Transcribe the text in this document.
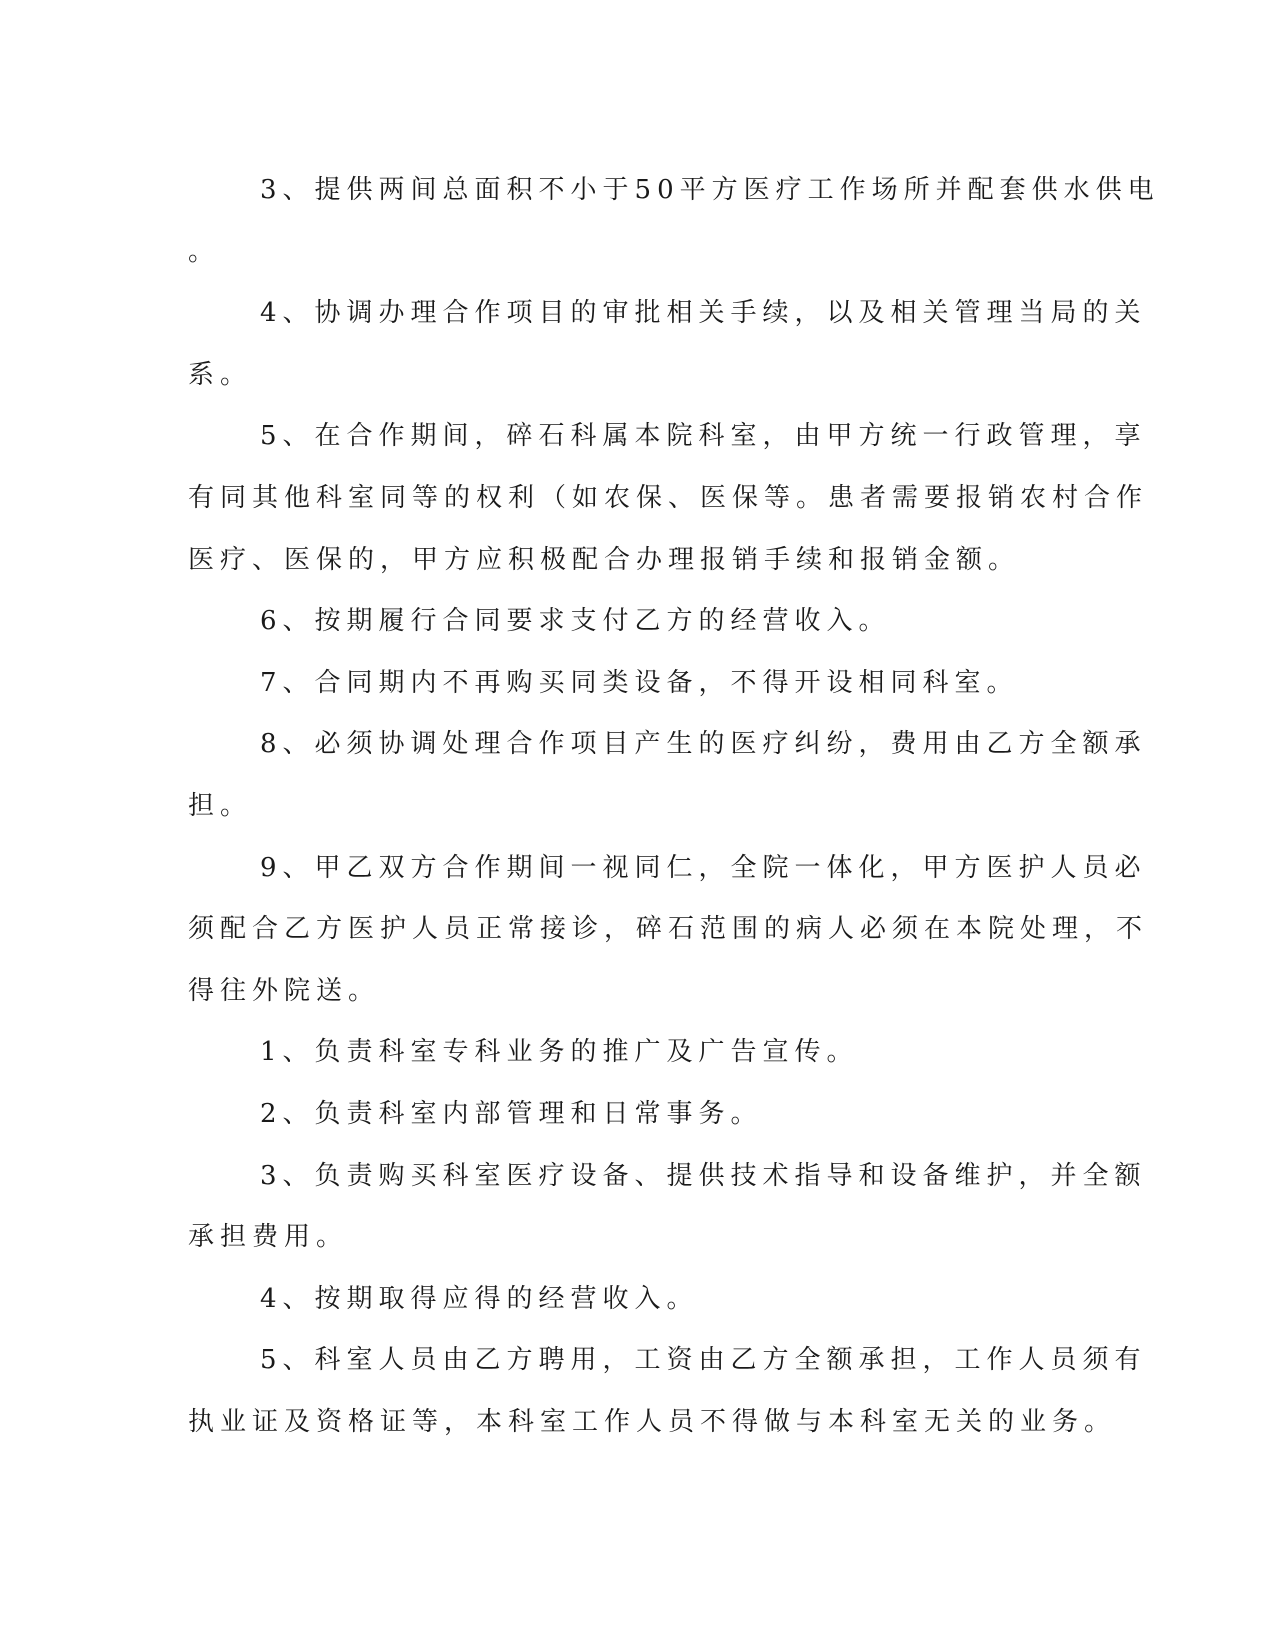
3、提供两间总面积不小于50平方医疗工作场所并配套供水供电
。
4、协调办理合作项目的审批相关手续，以及相关管理当局的关
系。
5、在合作期间，碎石科属本院科室，由甲方统一行政管理，享
有同其他科室同等的权利（如农保、医保等。患者需要报销农村合作
医疗、医保的，甲方应积极配合办理报销手续和报销金额。
6、按期履行合同要求支付乙方的经营收入。
7、合同期内不再购买同类设备，不得开设相同科室。
8、必须协调处理合作项目产生的医疗纠纷，费用由乙方全额承
担。
9、甲乙双方合作期间一视同仁，全院一体化，甲方医护人员必
须配合乙方医护人员正常接诊，碎石范围的病人必须在本院处理，不
得往外院送。
1、负责科室专科业务的推广及广告宣传。
2、负责科室内部管理和日常事务。
3、负责购买科室医疗设备、提供技术指导和设备维护，并全额
承担费用。
4、按期取得应得的经营收入。
5、科室人员由乙方聘用，工资由乙方全额承担，工作人员须有
执业证及资格证等，本科室工作人员不得做与本科室无关的业务。
